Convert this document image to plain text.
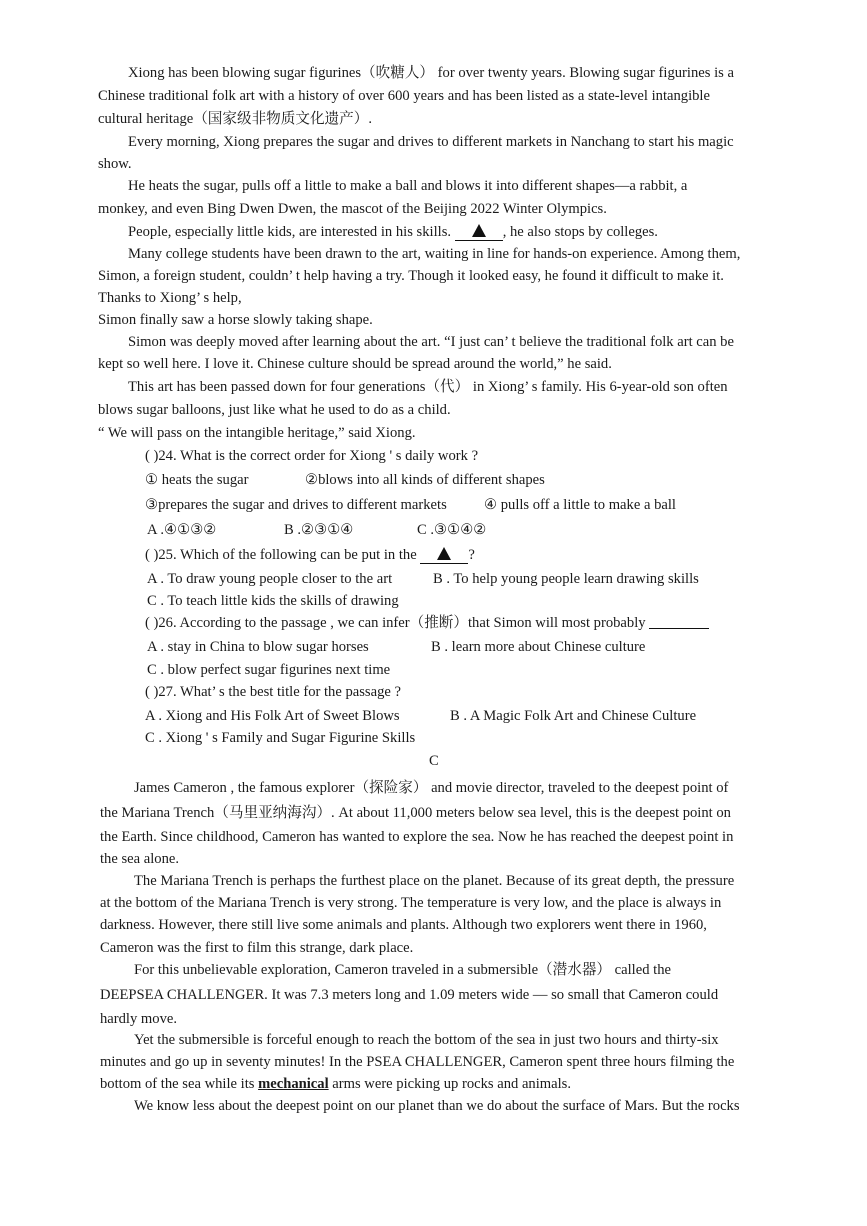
Xiong has been blowing sugar figurines（吹糖人） for over twenty years. Blowing sugar figurines is a
Chinese traditional folk art with a history of over 600 years and has been listed as a state-level intangible
cultural heritage（国家级非物质文化遗产）.
Every morning, Xiong prepares the sugar and drives to different markets in Nanchang to start his magic
show.
He heats the sugar, pulls off a little to make a ball and blows it into different shapes—a rabbit, a
monkey, and even Bing Dwen Dwen, the mascot of the Beijing 2022 Winter Olympics.
People, especially little kids, are interested in his skills.	, he also stops by colleges.
Many college students have been drawn to the art, waiting in line for hands-on experience. Among them,
Simon, a foreign student, couldn’ t help having a try. Though it looked easy, he found it difficult to make it.
Thanks to Xiong’ s help,
Simon finally saw a horse slowly taking shape.
Simon was deeply moved after learning about the art. “I just can’ t believe the traditional folk art can be
kept so well here. I love it. Chinese culture should be spread around the world,” he said.
This art has been passed down for four generations（代） in Xiong’ s family. His 6-year-old son often
blows sugar balloons, just like what he used to do as a child.
“ We will pass on the intangible heritage,” said Xiong.
( )24. What is the correct order for Xiong ' s daily work ?
① heats the sugar	②blows into all kinds of different shapes
③prepares the sugar and drives to different markets	④ pulls off a little to make a ball
A .④①③②	B .②③①④	C .③①④②
( )25. Which of the following can be put in the	?
A . To draw young people closer to the art	B . To help young people learn drawing skills
C . To teach little kids the skills of drawing
( )26. According to the passage , we can infer（推断）that Simon will most probably
A . stay in China to blow sugar horses	B . learn more about Chinese culture
C . blow perfect sugar figurines next time
( )27. What’ s the best title for the passage ?
A . Xiong and His Folk Art of Sweet Blows	B . A Magic Folk Art and Chinese Culture
C . Xiong ' s Family and Sugar Figurine Skills
C
James Cameron , the famous explorer（探险家） and movie director, traveled to the deepest point of
the Mariana Trench（马里亚纳海沟）. At about 11,000 meters below sea level, this is the deepest point on
the Earth. Since childhood, Cameron has wanted to explore the sea. Now he has reached the deepest point in
the sea alone.
The Mariana Trench is perhaps the furthest place on the planet. Because of its great depth, the pressure
at the bottom of the Mariana Trench is very strong. The temperature is very low, and the place is always in
darkness. However, there still live some animals and plants. Although two explorers went there in 1960,
Cameron was the first to film this strange, dark place.
For this unbelievable exploration, Cameron traveled in a submersible（潜水器） called the
DEEPSEA CHALLENGER. It was 7.3 meters long and 1.09 meters wide — so small that Cameron could
hardly move.
Yet the submersible is forceful enough to reach the bottom of the sea in just two hours and thirty-six
minutes and go up in seventy minutes! In the PSEA CHALLENGER, Cameron spent three hours filming the
bottom of the sea while its mechanical arms were picking up rocks and animals.
We know less about the deepest point on our planet than we do about the surface of Mars. But the rocks
